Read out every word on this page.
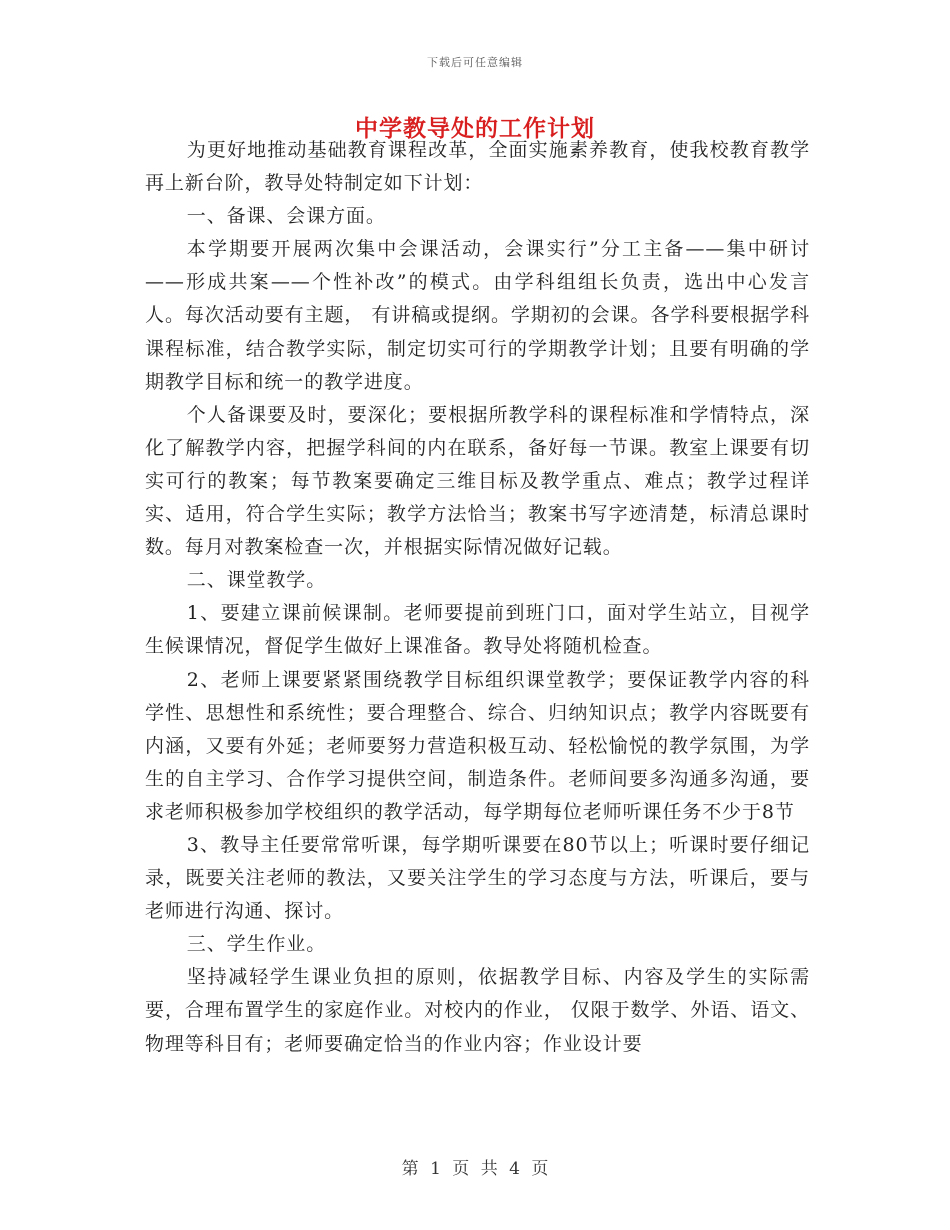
下载后可任意编辑
中学教导处的工作计划

为更好地推动基础教育课程改革，全面实施素养教育，使我校教育教学再上新台阶，教导处特制定如下计划：

一、备课、会课方面。

本学期要开展两次集中会课活动，会课实行”分工主备——集中研讨——形成共案——个性补改”的模式。由学科组组长负责，选出中心发言人。每次活动要有主题， 有讲稿或提纲。学期初的会课。各学科要根据学科课程标准，结合教学实际，制定切实可行的学期教学计划；且要有明确的学期教学目标和统一的教学进度。

个人备课要及时，要深化；要根据所教学科的课程标准和学情特点，深化了解教学内容，把握学科间的内在联系，备好每一节课。教室上课要有切实可行的教案；每节教案要确定三维目标及教学重点、难点；教学过程详实、适用，符合学生实际；教学方法恰当；教案书写字迹清楚，标清总课时数。每月对教案检查一次，并根据实际情况做好记载。

二、课堂教学。

1、要建立课前候课制。老师要提前到班门口，面对学生站立，目视学生候课情况，督促学生做好上课准备。教导处将随机检查。

2、老师上课要紧紧围绕教学目标组织课堂教学；要保证教学内容的科学性、思想性和系统性；要合理整合、综合、归纳知识点；教学内容既要有内涵，又要有外延；老师要努力营造积极互动、轻松愉悦的教学氛围，为学生的自主学习、合作学习提供空间，制造条件。老师间要多沟通多沟通，要求老师积极参加学校组织的教学活动，每学期每位老师听课任务不少于8节

3、教导主任要常常听课，每学期听课要在80节以上；听课时要仔细记录，既要关注老师的教法，又要关注学生的学习态度与方法，听课后，要与老师进行沟通、探讨。

三、学生作业。

坚持减轻学生课业负担的原则，依据教学目标、内容及学生的实际需要，合理布置学生的家庭作业。对校内的作业， 仅限于数学、外语、语文、物理等科目有；老师要确定恰当的作业内容；作业设计要

第 1 页 共 4 页
